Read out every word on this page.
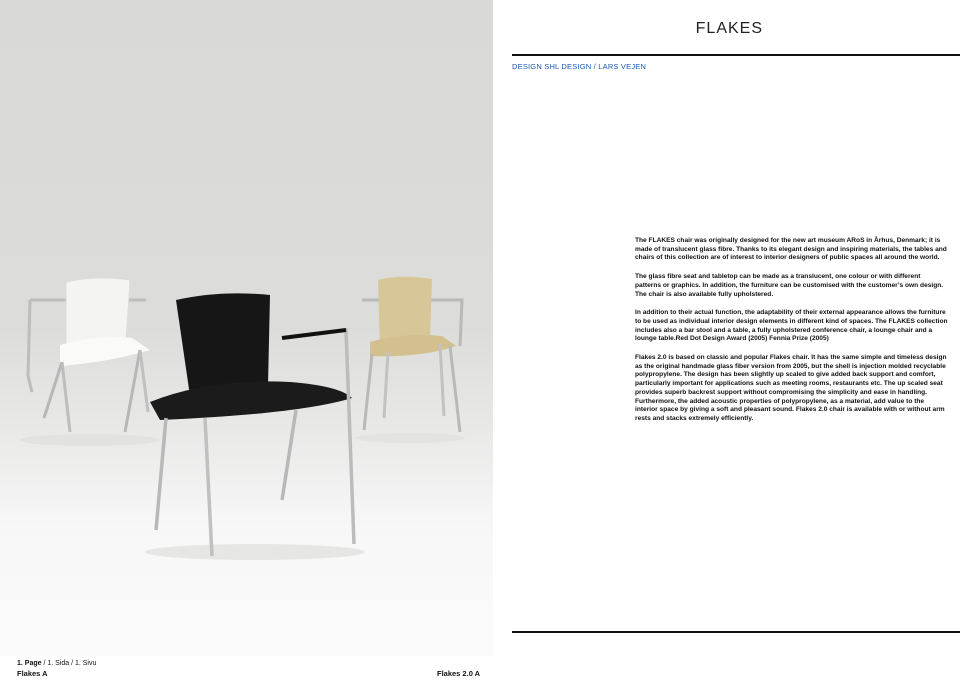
FLAKES
DESIGN SHL DESIGN / LARS VEJEN

The FLAKES chair was originally designed for the new art museum ARoS in Århus, Denmark; it is made of translucent glass fibre. Thanks to its elegant design and inspiring materials, the tables and chairs of this collection are of interest to interior designers of public spaces all around the world.

The glass fibre seat and tabletop can be made as a translucent, one colour or with different patterns or graphics. In addition, the furniture can be customised with the customer’s own design. The chair is also available fully upholstered.

In addition to their actual function, the adaptability of their external appearance allows the furniture to be used as individual interior design elements in different kind of spaces. The FLAKES collection includes also a bar stool and a table, a fully upholstered conference chair, a lounge chair and a lounge table.Red Dot Design Award (2005) Fennia Prize (2005)

Flakes 2.0 is based on classic and popular Flakes chair. It has the same simple and timeless design as the original handmade glass fiber version from 2005, but the shell is injection molded recyclable polypropylene. The design has been slightly up scaled to give added back support and comfort, particularly important for applications such as meeting rooms, restaurants etc. The up scaled seat provides superb backrest support without compromising the simplicity and ease in handling. Furthermore, the added acoustic properties of polypropylene, as a material, add value to the interior space by giving a soft and pleasant sound. Flakes 2.0 chair is available with or without arm rests and stacks extremely efficiently.

1. Page / 1. Sida / 1. Sivu
Flakes A	Flakes 2.0 A
